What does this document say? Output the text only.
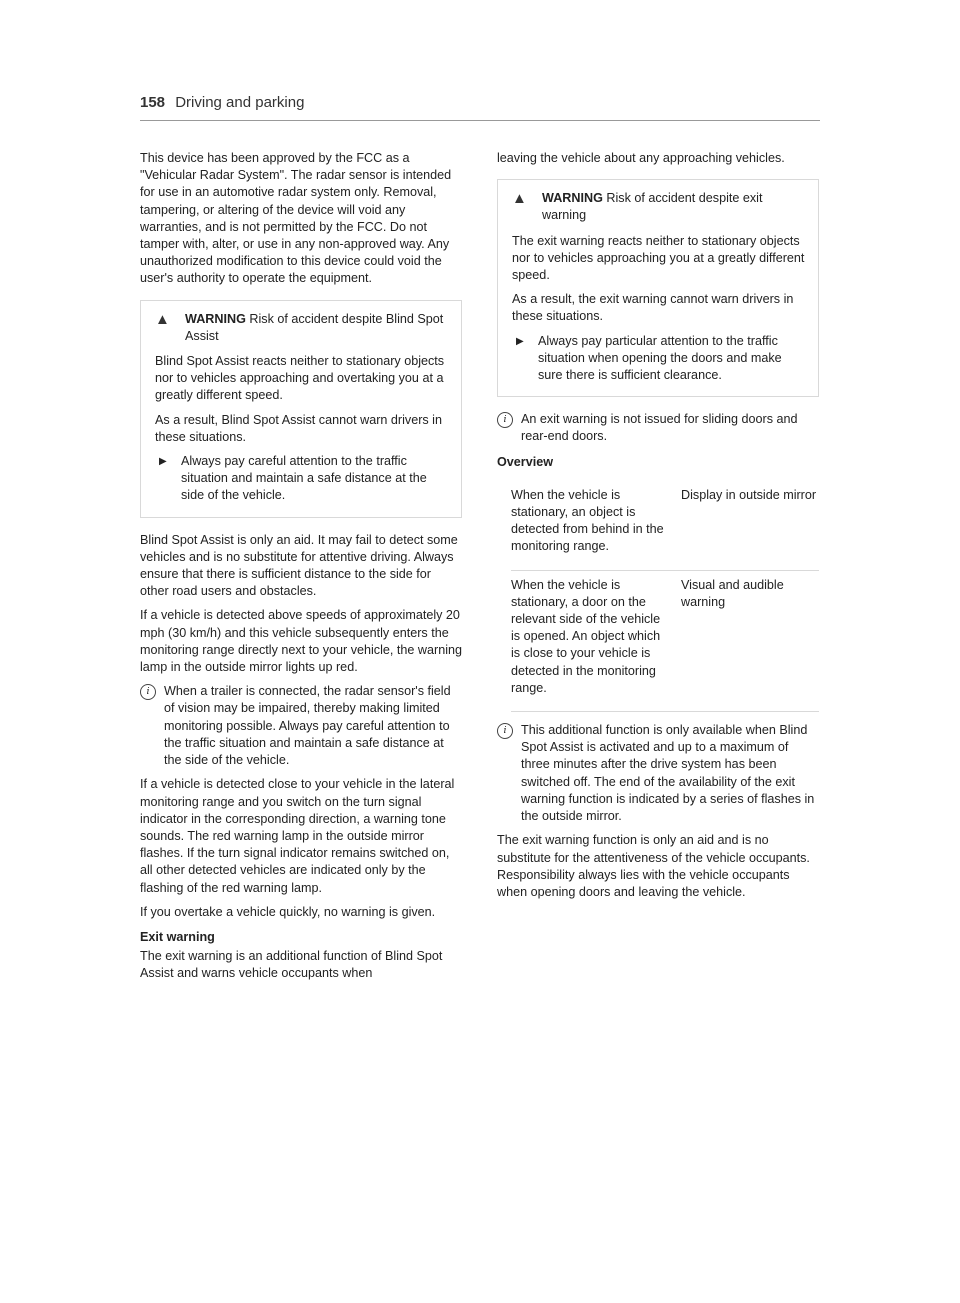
158 Driving and parking

This device has been approved by the FCC as a "Vehicular Radar System". The radar sensor is intended for use in an automotive radar system only. Removal, tampering, or altering of the device will void any warranties, and is not permitted by the FCC. Do not tamper with, alter, or use in any non-approved way. Any unauthorized modification to this device could void the user's authority to operate the equipment.

▲	WARNING Risk of accident despite Blind Spot Assist

Blind Spot Assist reacts neither to stationary objects nor to vehicles approaching and overtaking you at a greatly different speed.

As a result, Blind Spot Assist cannot warn drivers in these situations.

▶	Always pay careful attention to the traffic situation and maintain a safe distance at the side of the vehicle.

Blind Spot Assist is only an aid. It may fail to detect some vehicles and is no substitute for attentive driving. Always ensure that there is sufficient distance to the side for other road users and obstacles.

If a vehicle is detected above speeds of approximately 20 mph (30 km/h) and this vehicle subsequently enters the monitoring range directly next to your vehicle, the warning lamp in the outside mirror lights up red.

i	When a trailer is connected, the radar sensor's field of vision may be impaired, thereby making limited monitoring possible. Always pay careful attention to the traffic situation and maintain a safe distance at the side of the vehicle.

If a vehicle is detected close to your vehicle in the lateral monitoring range and you switch on the turn signal indicator in the corresponding direction, a warning tone sounds. The red warning lamp in the outside mirror flashes. If the turn signal indicator remains switched on, all other detected vehicles are indicated only by the flashing of the red warning lamp.

If you overtake a vehicle quickly, no warning is given.

Exit warning

The exit warning is an additional function of Blind Spot Assist and warns vehicle occupants when

leaving the vehicle about any approaching vehicles.

▲	WARNING Risk of accident despite exit warning

The exit warning reacts neither to stationary objects nor to vehicles approaching you at a greatly different speed.

As a result, the exit warning cannot warn drivers in these situations.

▶	Always pay particular attention to the traffic situation when opening the doors and make sure there is sufficient clearance.
i	An exit warning is not issued for sliding doors and rear-end doors.
Overview
When the vehicle is stationary, an object is detected from behind in the monitoring range.	Display in outside mirror
When the vehicle is stationary, a door on the relevant side of the vehicle is opened. An object which is close to your vehicle is detected in the monitoring range.	Visual and audible warning
i	This additional function is only available when Blind Spot Assist is activated and up to a maximum of three minutes after the drive system has been switched off. The end of the availability of the exit warning function is indicated by a series of flashes in the outside mirror.

The exit warning function is only an aid and is no substitute for the attentiveness of the vehicle occupants. Responsibility always lies with the vehicle occupants when opening doors and leaving the vehicle.
